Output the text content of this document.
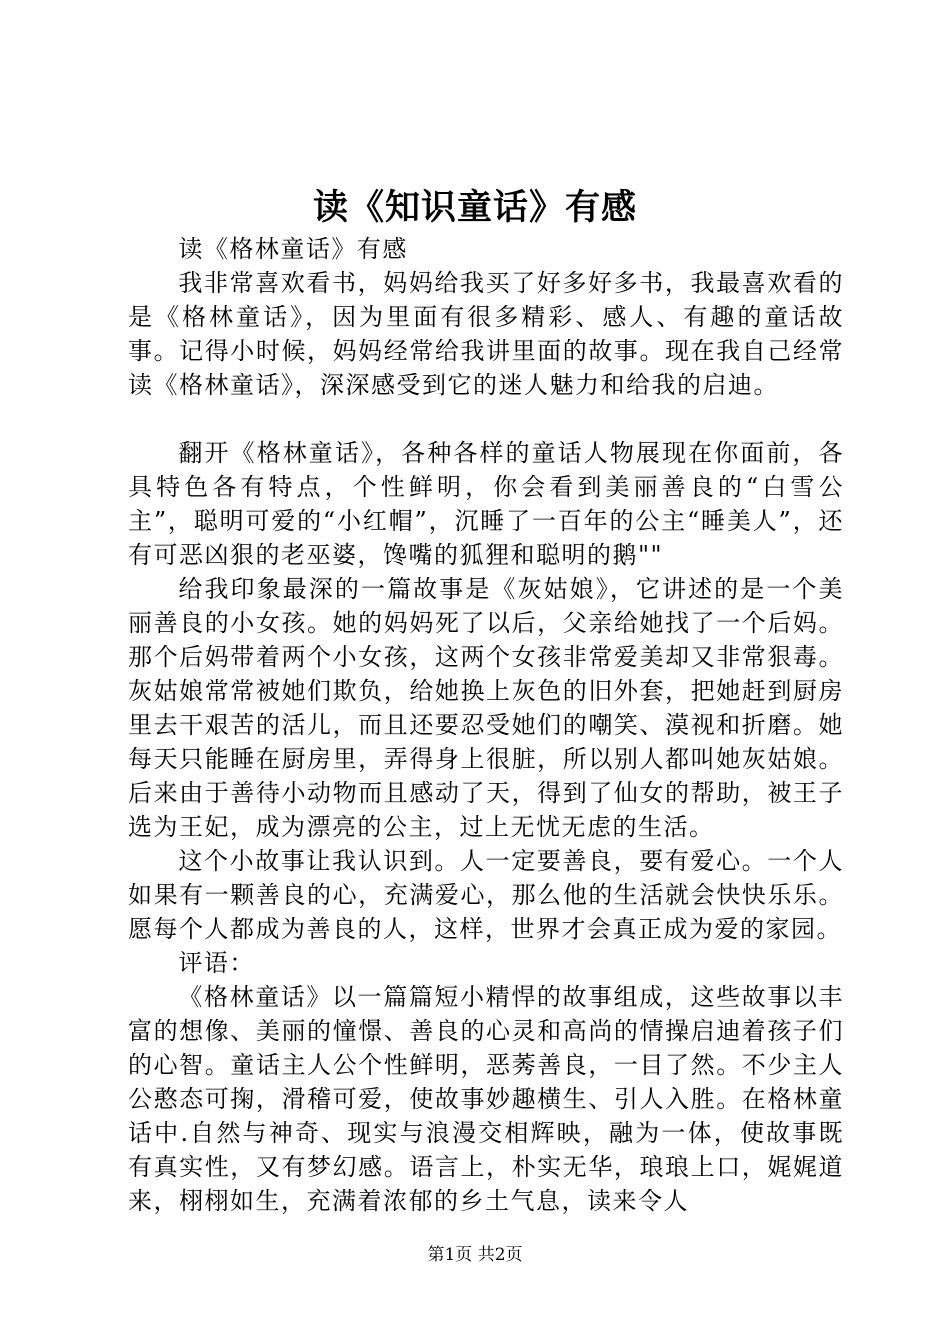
读《知识童话》有感

读《格林童话》有感

我非常喜欢看书，妈妈给我买了好多好多书，我最喜欢看的是《格林童话》，因为里面有很多精彩、感人、有趣的童话故事。记得小时候，妈妈经常给我讲里面的故事。现在我自己经常读《格林童话》，深深感受到它的迷人魅力和给我的启迪。

翻开《格林童话》，各种各样的童话人物展现在你面前，各具特色各有特点，个性鲜明，你会看到美丽善良的“白雪公主”，聪明可爱的“小红帽”，沉睡了一百年的公主“睡美人”，还有可恶凶狠的老巫婆，馋嘴的狐狸和聪明的鹅""

给我印象最深的一篇故事是《灰姑娘》，它讲述的是一个美丽善良的小女孩。她的妈妈死了以后，父亲给她找了一个后妈。那个后妈带着两个小女孩，这两个女孩非常爱美却又非常狠毒。灰姑娘常常被她们欺负，给她换上灰色的旧外套，把她赶到厨房里去干艰苦的活儿，而且还要忍受她们的嘲笑、漠视和折磨。她每天只能睡在厨房里，弄得身上很脏，所以别人都叫她灰姑娘。后来由于善待小动物而且感动了天，得到了仙女的帮助，被王子选为王妃，成为漂亮的公主，过上无忧无虑的生活。

这个小故事让我认识到。人一定要善良，要有爱心。一个人如果有一颗善良的心，充满爱心，那么他的生活就会快快乐乐。愿每个人都成为善良的人，这样，世界才会真正成为爱的家园。

评语：

《格林童话》以一篇篇短小精悍的故事组成，这些故事以丰富的想像、美丽的憧憬、善良的心灵和高尚的情操启迪着孩子们的心智。童话主人公个性鲜明，恶莠善良，一目了然。不少主人公憨态可掬，滑稽可爱，使故事妙趣横生、引人入胜。在格林童话中.自然与神奇、现实与浪漫交相辉映，融为一体，使故事既有真实性，又有梦幻感。语言上，朴实无华，琅琅上口，娓娓道来，栩栩如生，充满着浓郁的乡土气息，读来令人

第1页 共2页
